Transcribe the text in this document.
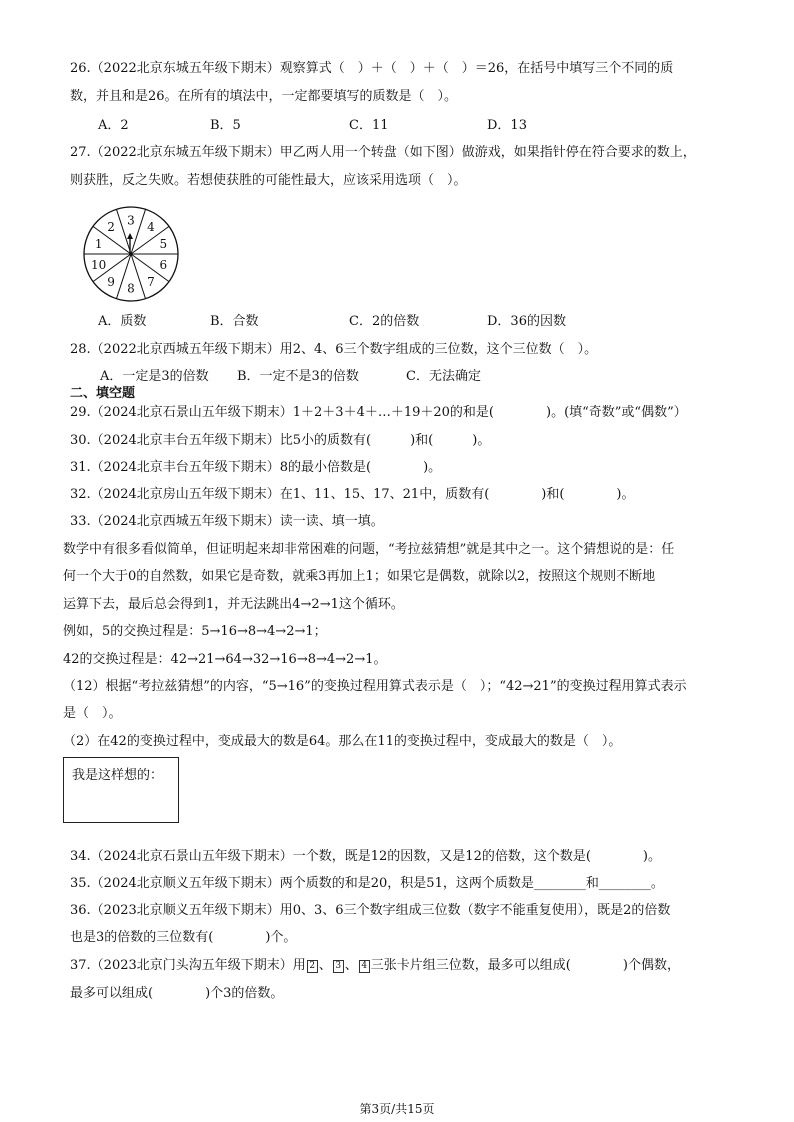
26.（2022北京东城五年级下期末）观察算式（　）＋（　）＋（　）＝26，在括号中填写三个不同的质
数，并且和是26。在所有的填法中，一定都要填写的质数是（　）。
A．2	B．5	C．11	D．13
27.（2022北京东城五年级下期末）甲乙两人用一个转盘（如下图）做游戏，如果指针停在符合要求的数上，
则获胜，反之失败。若想使获胜的可能性最大，应该采用选项（　）。
3 4
5
6
7
8
9
10
1
2
A．质数	B．合数	C．2的倍数	D．36的因数
28.（2022北京西城五年级下期末）用2、4、6三个数字组成的三位数，这个三位数（　）。
A．一定是3的倍数 B．一定不是3的倍数	C．无法确定
二、填空题
29.（2024北京石景山五年级下期末）1＋2＋3＋4＋…＋19＋20的和是(　　　　)。(填“奇数”或“偶数”）
30.（2024北京丰台五年级下期末）比5小的质数有(　　　)和(　　　)。
31.（2024北京丰台五年级下期末）8的最小倍数是(　　　　)。
32.（2024北京房山五年级下期末）在1、11、15、17、21中，质数有(　　　　)和(　　　　)。
33.（2024北京西城五年级下期末）读一读、填一填。
数学中有很多看似简单，但证明起来却非常困难的问题，“考拉兹猜想”就是其中之一。这个猜想说的是：任
何一个大于0的自然数，如果它是奇数，就乘3再加上1；如果它是偶数，就除以2，按照这个规则不断地
运算下去，最后总会得到1，并无法跳出4→2→1这个循环。
例如，5的交换过程是：5→16→8→4→2→1；
42的交换过程是：42→21→64→32→16→8→4→2→1。
（12）根据“考拉兹猜想”的内容，“5→16”的变换过程用算式表示是（　）；“42→21”的变换过程用算式表示
是（　）。
（2）在42的变换过程中，变成最大的数是64。那么在11的变换过程中，变成最大的数是（　）。
我是这样想的：
34.（2024北京石景山五年级下期末）一个数，既是12的因数，又是12的倍数，这个数是(　　　　)。
35.（2024北京顺义五年级下期末）两个质数的和是20，积是51，这两个质数是________和________。
36.（2023北京顺义五年级下期末）用0、3、6三个数字组成三位数（数字不能重复使用），既是2的倍数
也是3的倍数的三位数有(　　　　)个。
37.（2023北京门头沟五年级下期末）用 2 、 3 、 4 三张卡片组三位数，最多可以组成(　　　　)个偶数，
最多可以组成(　　　　)个3的倍数。
第3页/共15页
